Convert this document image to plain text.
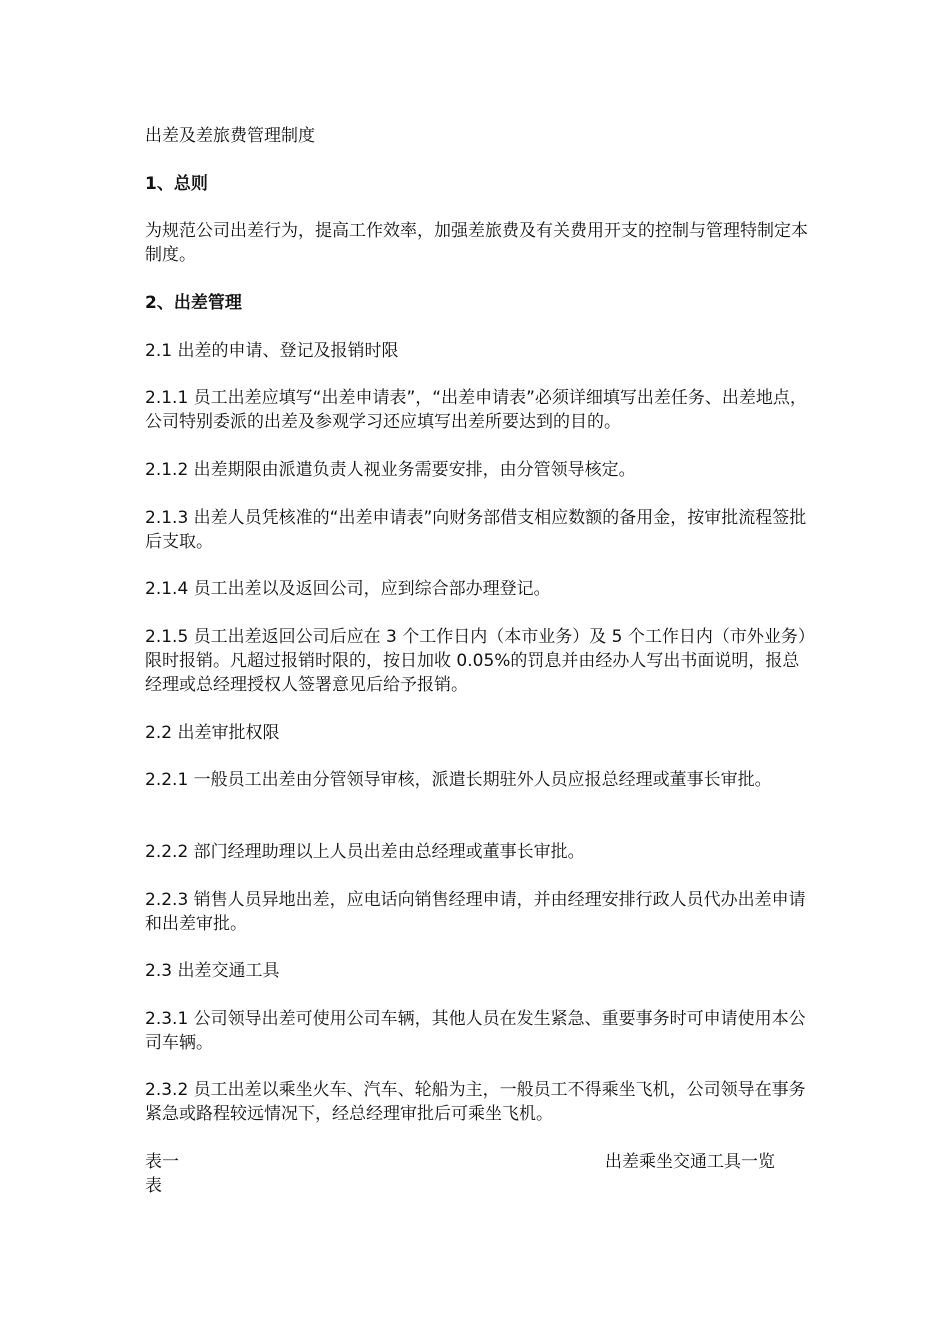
出差及差旅费管理制度

1、总则

为规范公司出差行为，提高工作效率，加强差旅费及有关费用开支的控制与管理特制定本制度。

2、出差管理

2.1 出差的申请、登记及报销时限

2.1.1 员工出差应填写“出差申请表”，“出差申请表”必须详细填写出差任务、出差地点，公司特别委派的出差及参观学习还应填写出差所要达到的目的。

2.1.2 出差期限由派遣负责人视业务需要安排，由分管领导核定。

2.1.3 出差人员凭核准的“出差申请表”向财务部借支相应数额的备用金，按审批流程签批后支取。

2.1.4 员工出差以及返回公司，应到综合部办理登记。

2.1.5 员工出差返回公司后应在 3 个工作日内（本市业务）及 5 个工作日内（市外业务）限时报销。凡超过报销时限的，按日加收 0.05%的罚息并由经办人写出书面说明，报总经理或总经理授权人签署意见后给予报销。

2.2 出差审批权限

2.2.1 一般员工出差由分管领导审核，派遣长期驻外人员应报总经理或董事长审批。

2.2.2 部门经理助理以上人员出差由总经理或董事长审批。

2.2.3 销售人员异地出差，应电话向销售经理申请，并由经理安排行政人员代办出差申请和出差审批。

2.3 出差交通工具

2.3.1 公司领导出差可使用公司车辆，其他人员在发生紧急、重要事务时可申请使用本公司车辆。

2.3.2 员工出差以乘坐火车、汽车、轮船为主，一般员工不得乘坐飞机，公司领导在事务紧急或路程较远情况下，经总经理审批后可乘坐飞机。

表一表
出差乘坐交通工具一览
